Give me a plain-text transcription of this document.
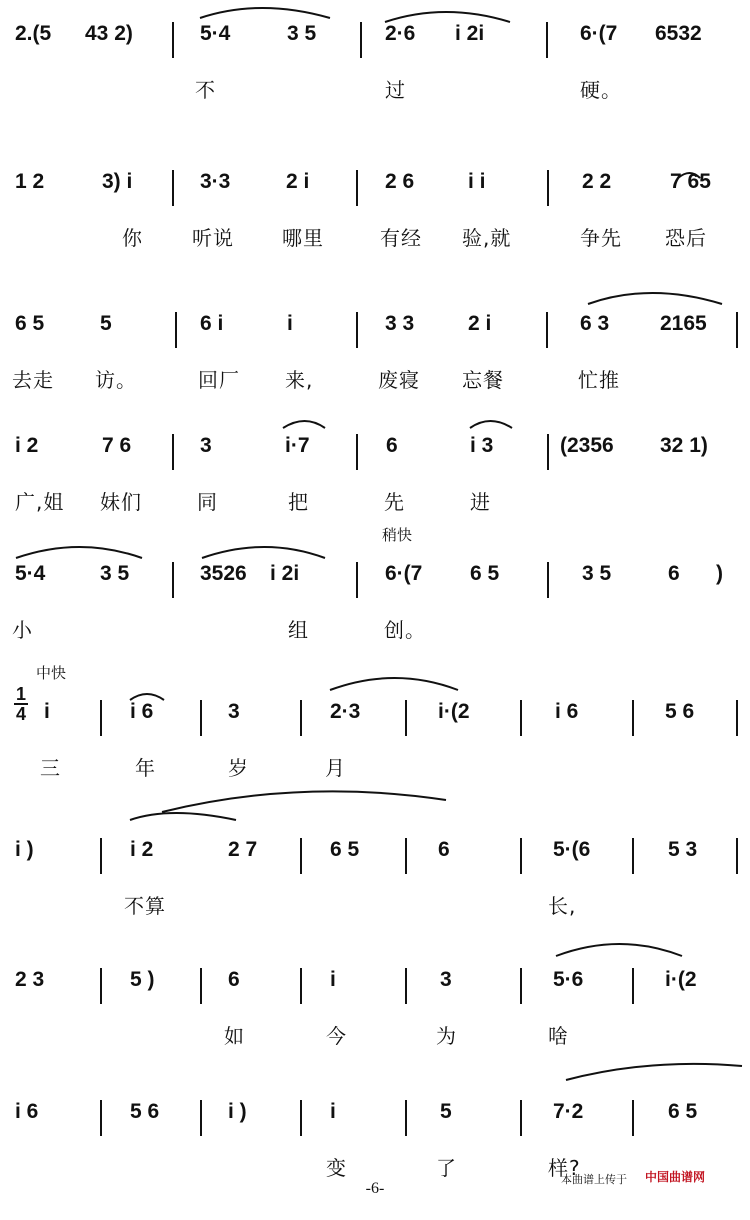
2.(5 43 2)	5·4	3 5	2·6 i 2i	6·(7 6532
不	过	硬。
1 2	3) i	3·3	2 i	2 6	i i	2 2	7 65
你 听说 哪里	有经 验,就	争先 恐后
6 5	5	6 i	i	3 3	2 i	6 3 2165
去走 访。	回厂 来,	废寝 忘餐	忙推
i 2	7 6	3	i·7	6	i 3	(2356 32 1)
广,姐 妹们	同	把	先	进
稍快
5·4	3 5	3526 i 2i	6·(7 6 5	3 5	6 )
小	组	创。
中快
1
4 i	i 6	3	2·3	i·(2	i 6	5 6
三	年	岁	月
i )	i 2	2 7	6 5	6	5·(6	5 3
不算	长,
2 3	5 )	6	i	3	5·6	i·(2
如	今	为	啥
i 6	5 6	i )	i	5	7·2	6 5
变	了	样?
-6-
本曲谱上传于 中国曲谱网
